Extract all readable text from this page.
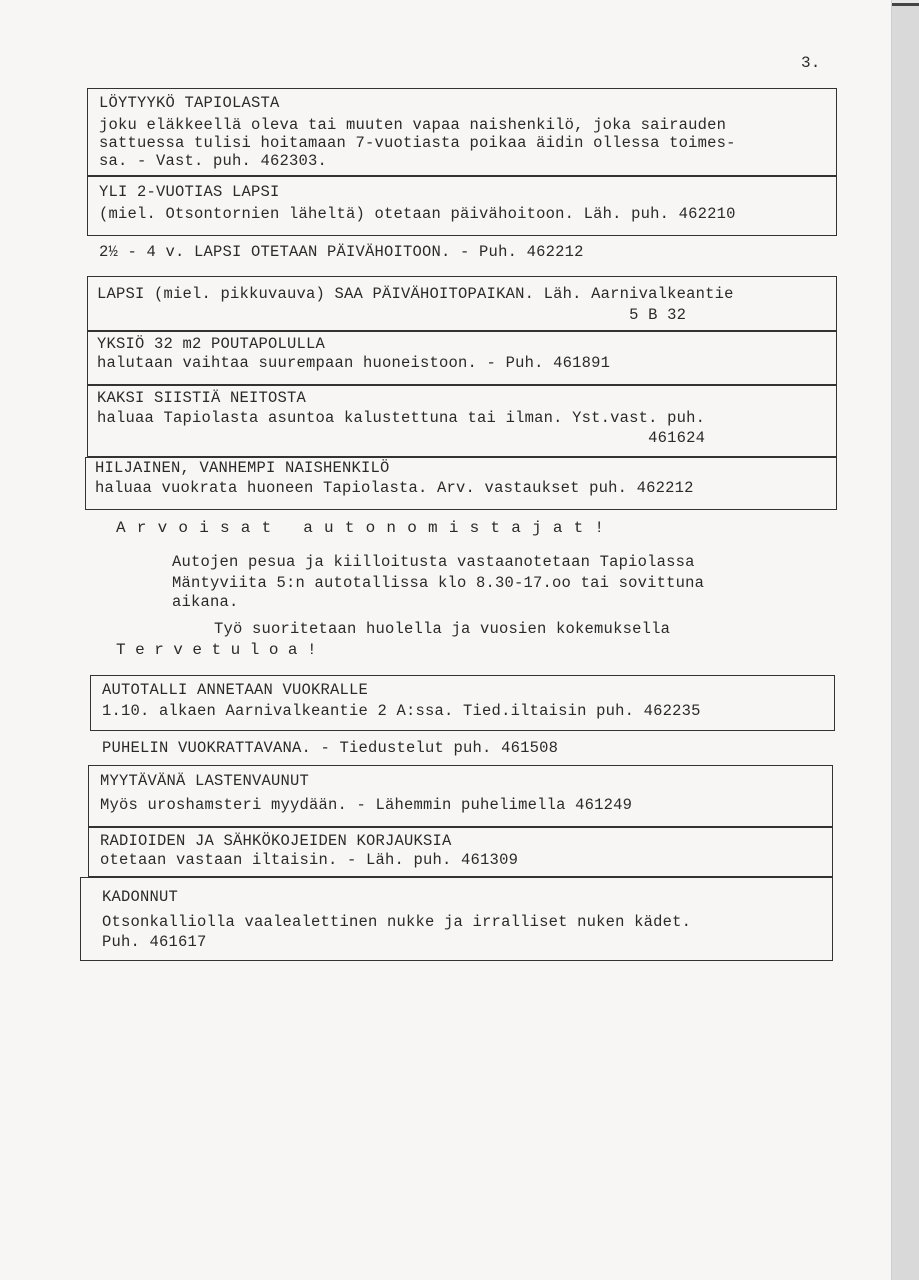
3.
LÖYTYYKÖ TAPIOLASTA
joku eläkkeellä oleva tai muuten vapaa naishenkilö, joka sairauden
sattuessa tulisi hoitamaan 7-vuotiasta poikaa äidin ollessa toimes-
sa. - Vast. puh. 462303.
YLI 2-VUOTIAS LAPSI
(miel. Otsontornien läheltä) otetaan päivähoitoon. Läh. puh. 462210
2½ - 4 v. LAPSI OTETAAN PÄIVÄHOITOON. - Puh. 462212
LAPSI (miel. pikkuvauva) SAA PÄIVÄHOITOPAIKAN. Läh. Aarnivalkeantie
5 B 32
YKSIÖ 32 m2 POUTAPOLULLA
halutaan vaihtaa suurempaan huoneistoon. - Puh. 461891
KAKSI SIISTIÄ NEITOSTA
haluaa Tapiolasta asuntoa kalustettuna tai ilman. Yst.vast. puh.
461624
HILJAINEN, VANHEMPI NAISHENKILÖ
haluaa vuokrata huoneen Tapiolasta. Arv. vastaukset puh. 462212
Arvoisat autonomistajat!
Autojen pesua ja kiilloitusta vastaanotetaan Tapiolassa
Mäntyviita 5:n autotallissa klo 8.30-17.oo tai sovittuna
aikana.
Työ suoritetaan huolella ja vuosien kokemuksella
Tervetuloa!
AUTOTALLI ANNETAAN VUOKRALLE
1.10. alkaen Aarnivalkeantie 2 A:ssa. Tied.iltaisin puh. 462235
PUHELIN VUOKRATTAVANA. - Tiedustelut puh. 461508
MYYTÄVÄNÄ LASTENVAUNUT
Myös uroshamsteri myydään. - Lähemmin puhelimella 461249
RADIOIDEN JA SÄHKÖKOJEIDEN KORJAUKSIA
otetaan vastaan iltaisin. - Läh. puh. 461309
KADONNUT
Otsonkalliolla vaalealettinen nukke ja irralliset nuken kädet.
Puh. 461617
